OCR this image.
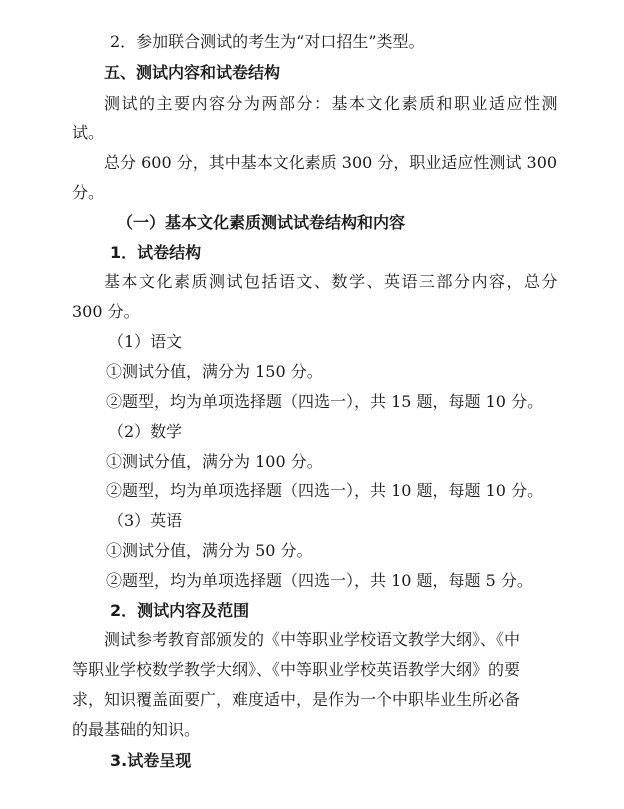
2．参加联合测试的考生为“对口招生”类型。
五、测试内容和试卷结构
测试的主要内容分为两部分：基本文化素质和职业适应性测
试。
总分 600 分，其中基本文化素质 300 分，职业适应性测试 300
分。
（一）基本文化素质测试试卷结构和内容
1．试卷结构
基本文化素质测试包括语文、数学、英语三部分内容，总分
300 分。
（1）语文
①测试分值，满分为 150 分。
②题型，均为单项选择题（四选一），共 15 题，每题 10 分。
（2）数学
①测试分值，满分为 100 分。
②题型，均为单项选择题（四选一），共 10 题，每题 10 分。
（3）英语
①测试分值，满分为 50 分。
②题型，均为单项选择题（四选一），共 10 题，每题 5 分。
2．测试内容及范围
测试参考教育部颁发的《中等职业学校语文教学大纲》、《中
等职业学校数学教学大纲》、《中等职业学校英语教学大纲》的要
求，知识覆盖面要广，难度适中，是作为一个中职毕业生所必备
的最基础的知识。
3.试卷呈现
